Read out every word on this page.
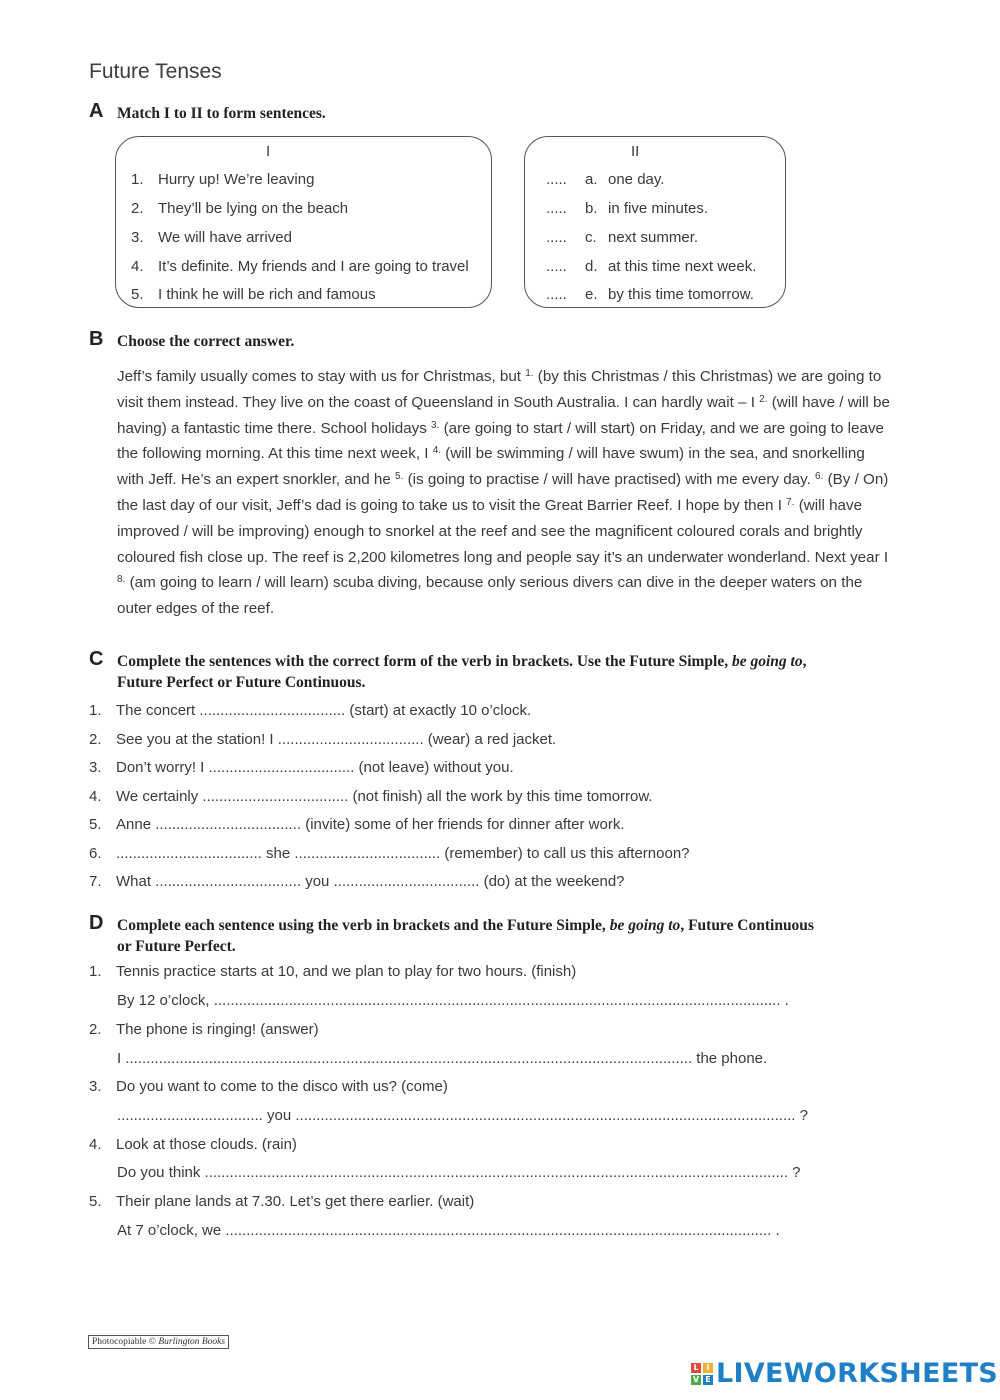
Future Tenses
A Match I to II to form sentences.
I
1. Hurry up! We’re leaving
2. They’ll be lying on the beach
3. We will have arrived
4. It’s definite. My friends and I are going to travel
5. I think he will be rich and famous
II
..... a. one day.
..... b. in five minutes.
..... c. next summer.
..... d. at this time next week.
..... e. by this time tomorrow.
B Choose the correct answer.
Jeff’s family usually comes to stay with us for Christmas, but $^{1.}$ (by this Christmas / this Christmas) we are going to visit them instead. They live on the coast of Queensland in South Australia. I can hardly wait – I $^{2.}$ (will have / will be having) a fantastic time there. School holidays $^{3.}$ (are going to start / will start) on Friday, and we are going to leave the following morning. At this time next week, I $^{4.}$ (will be swimming / will have swum) in the sea, and snorkelling with Jeff. He’s an expert snorkler, and he $^{5.}$ (is going to practise / will have practised) with me every day. $^{6.}$ (By / On) the last day of our visit, Jeff’s dad is going to take us to visit the Great Barrier Reef. I hope by then I $^{7.}$ (will have improved / will be improving) enough to snorkel at the reef and see the magnificent coloured corals and brightly coloured fish close up. The reef is 2,200 kilometres long and people say it’s an underwater wonderland. Next year I $^{8.}$ (am going to learn / will learn) scuba diving, because only serious divers can dive in the deeper waters on the outer edges of the reef.
C Complete the sentences with the correct form of the verb in brackets. Use the Future Simple, be going to,
Future Perfect or Future Continuous.
1. The concert ................................... (start) at exactly 10 o’clock.
2. See you at the station! I ................................... (wear) a red jacket.
3. Don’t worry! I ................................... (not leave) without you.
4. We certainly ................................... (not finish) all the work by this time tomorrow.
5. Anne ................................... (invite) some of her friends for dinner after work.
6. ................................... she ................................... (remember) to call us this afternoon?
7. What ................................... you ................................... (do) at the weekend?
D Complete each sentence using the verb in brackets and the Future Simple, be going to, Future Continuous
or Future Perfect.
1. Tennis practice starts at 10, and we plan to play for two hours. (finish)
By 12 o’clock, ........................................................................................................................................ .
2. The phone is ringing! (answer)
I ........................................................................................................................................ the phone.
3. Do you want to come to the disco with us? (come)
................................... you ........................................................................................................................ ?
4. Look at those clouds. (rain)
Do you think ............................................................................................................................................ ?
5. Their plane lands at 7.30. Let’s get there earlier. (wait)
At 7 o’clock, we ................................................................................................................................... .
Photocopiable © Burlington Books
L I
V E LIVEWORKSHEETS
